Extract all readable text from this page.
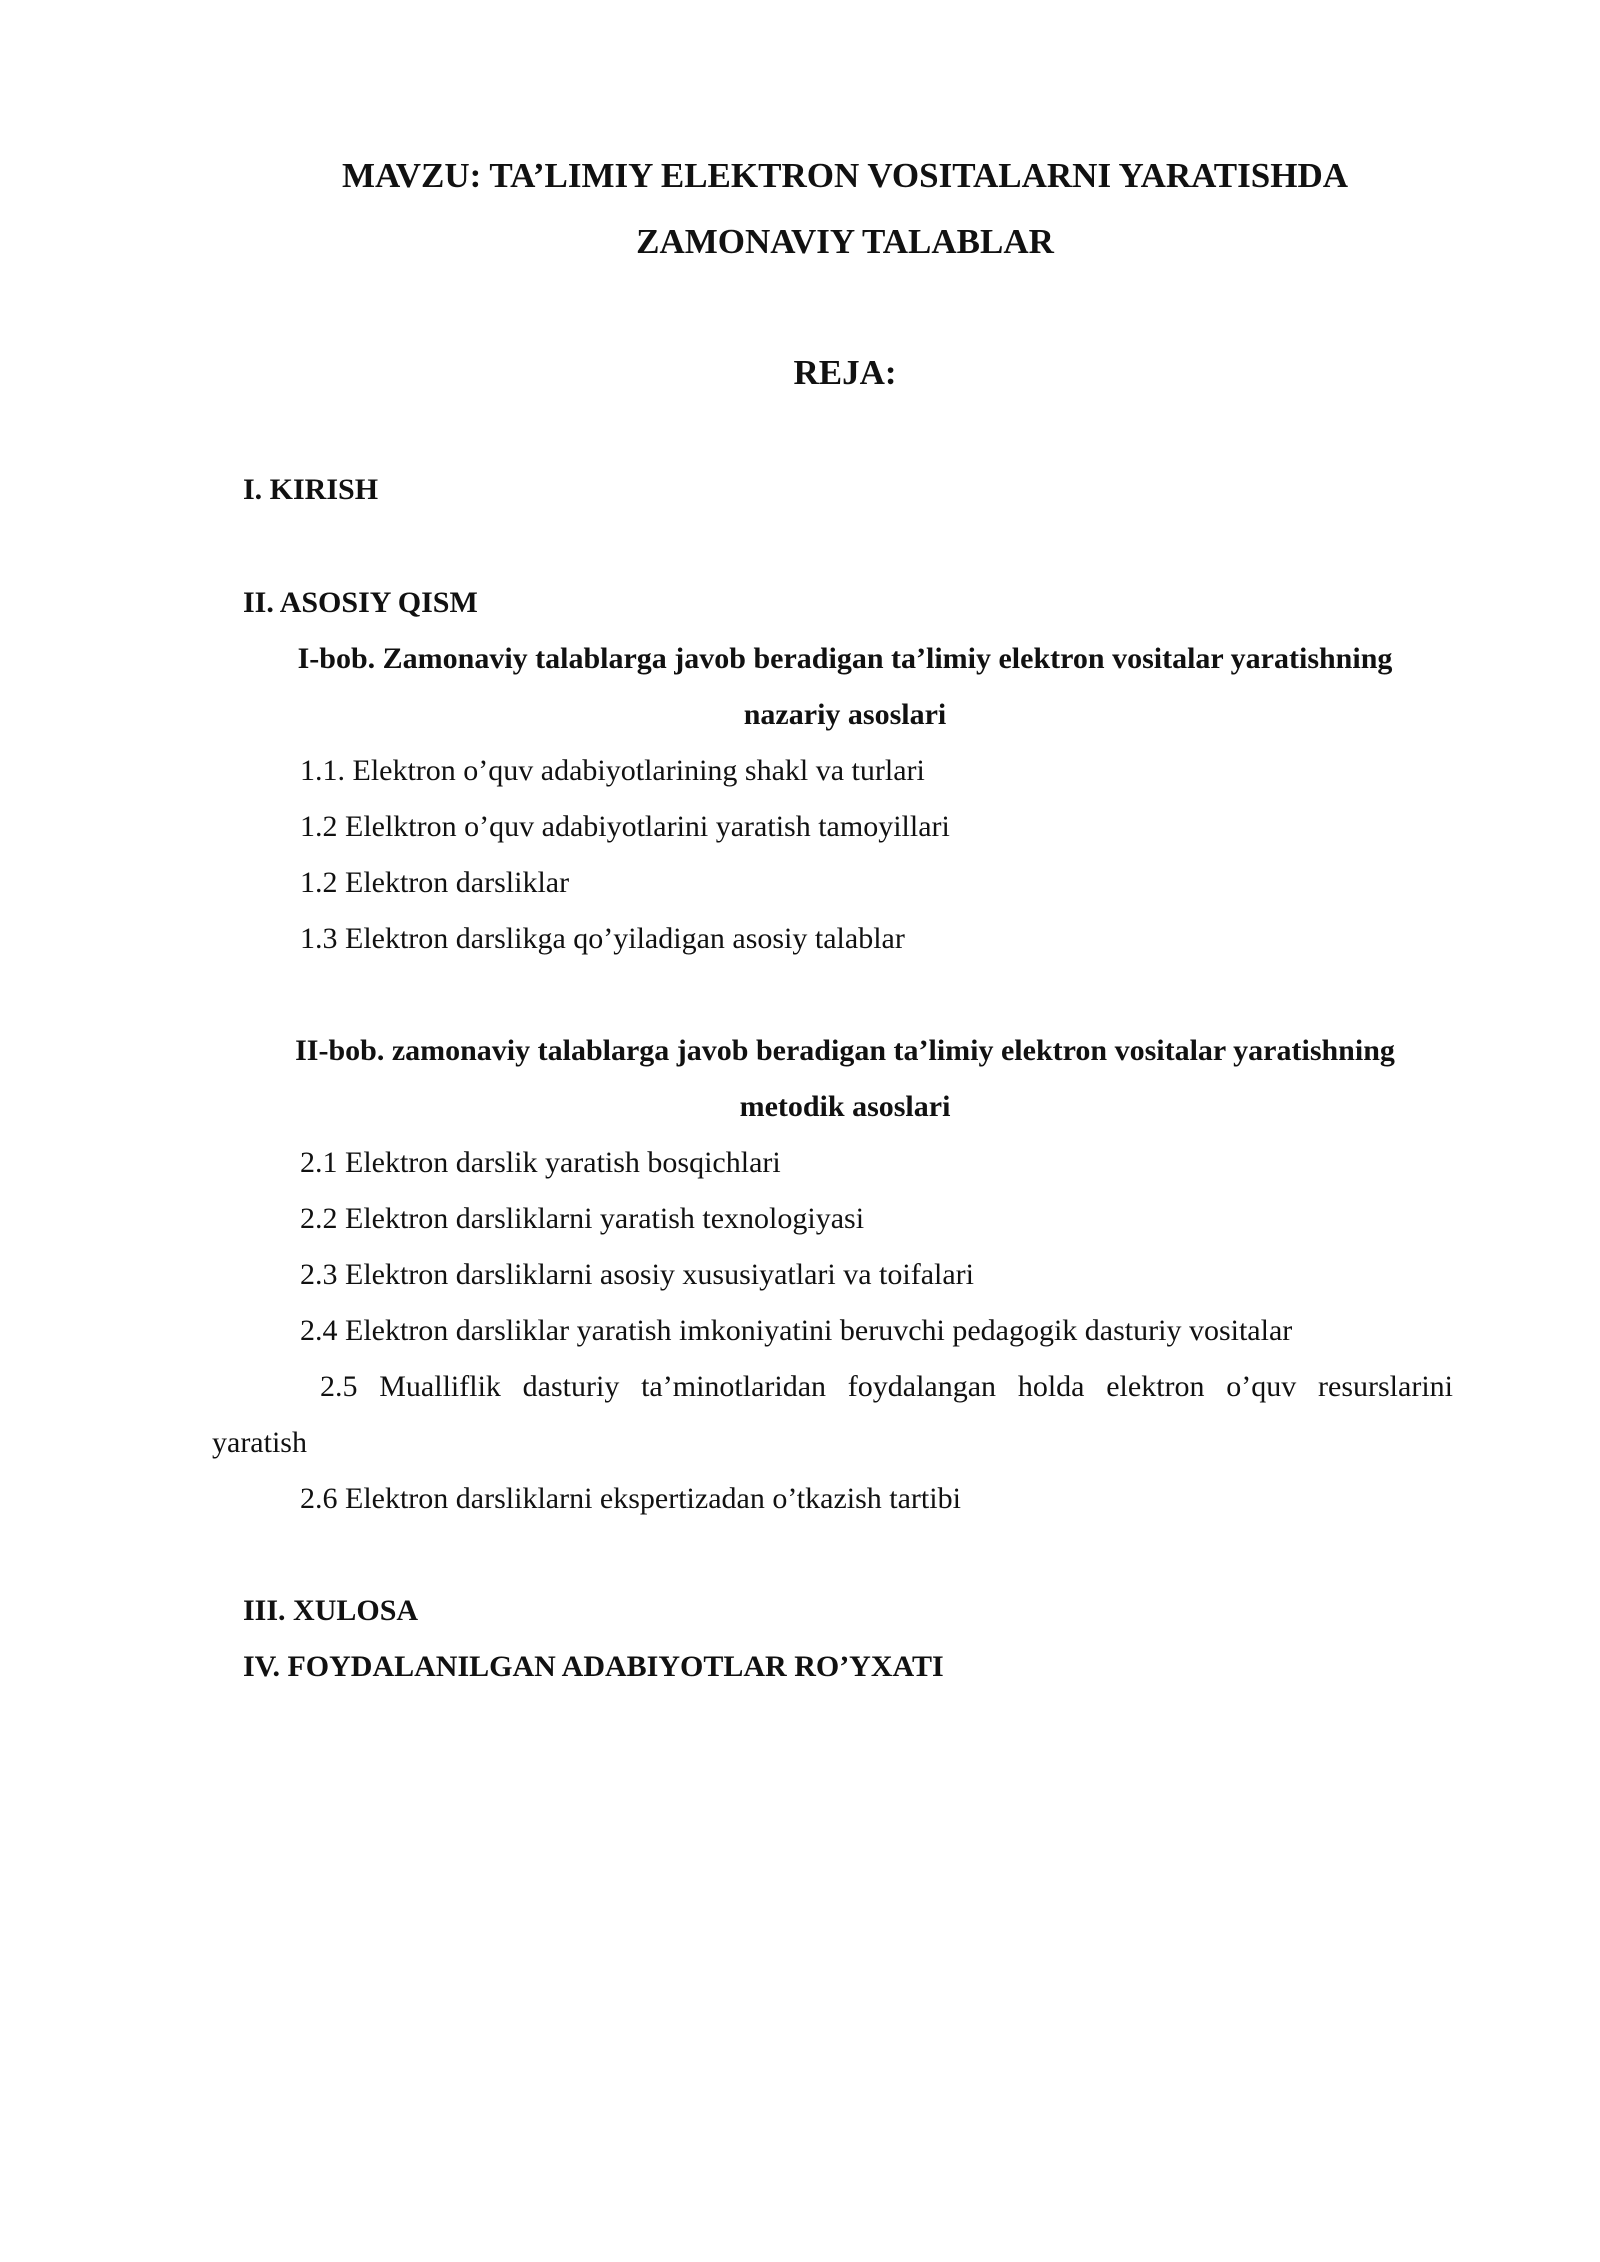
MAVZU: TA’LIMIY ELEKTRON VOSITALARNI YARATISHDA
ZAMONAVIY TALABLAR
REJA:
I. KIRISH
II. ASOSIY QISM
I-bob. Zamonaviy talablarga javob beradigan ta’limiy elektron vositalar yaratishning
nazariy asoslari
1.1. Elektron o’quv adabiyotlarining shakl va turlari
1.2 Elelktron o’quv adabiyotlarini yaratish tamoyillari
1.2 Elektron darsliklar
1.3 Elektron darslikga qo’yiladigan asosiy talablar
II-bob. zamonaviy talablarga javob beradigan ta’limiy elektron vositalar yaratishning
metodik asoslari
2.1 Elektron darslik yaratish bosqichlari
2.2 Elektron darsliklarni yaratish texnologiyasi
2.3 Elektron darsliklarni asosiy xususiyatlari va toifalari
2.4 Elektron darsliklar yaratish imkoniyatini beruvchi pedagogik dasturiy vositalar
2.5 Mualliflik dasturiy ta’minotlaridan foydalangan holda elektron o’quv resurslarini
yaratish
2.6 Elektron darsliklarni ekspertizadan o’tkazish tartibi
III. XULOSA
IV. FOYDALANILGAN ADABIYOTLAR RO’YXATI
